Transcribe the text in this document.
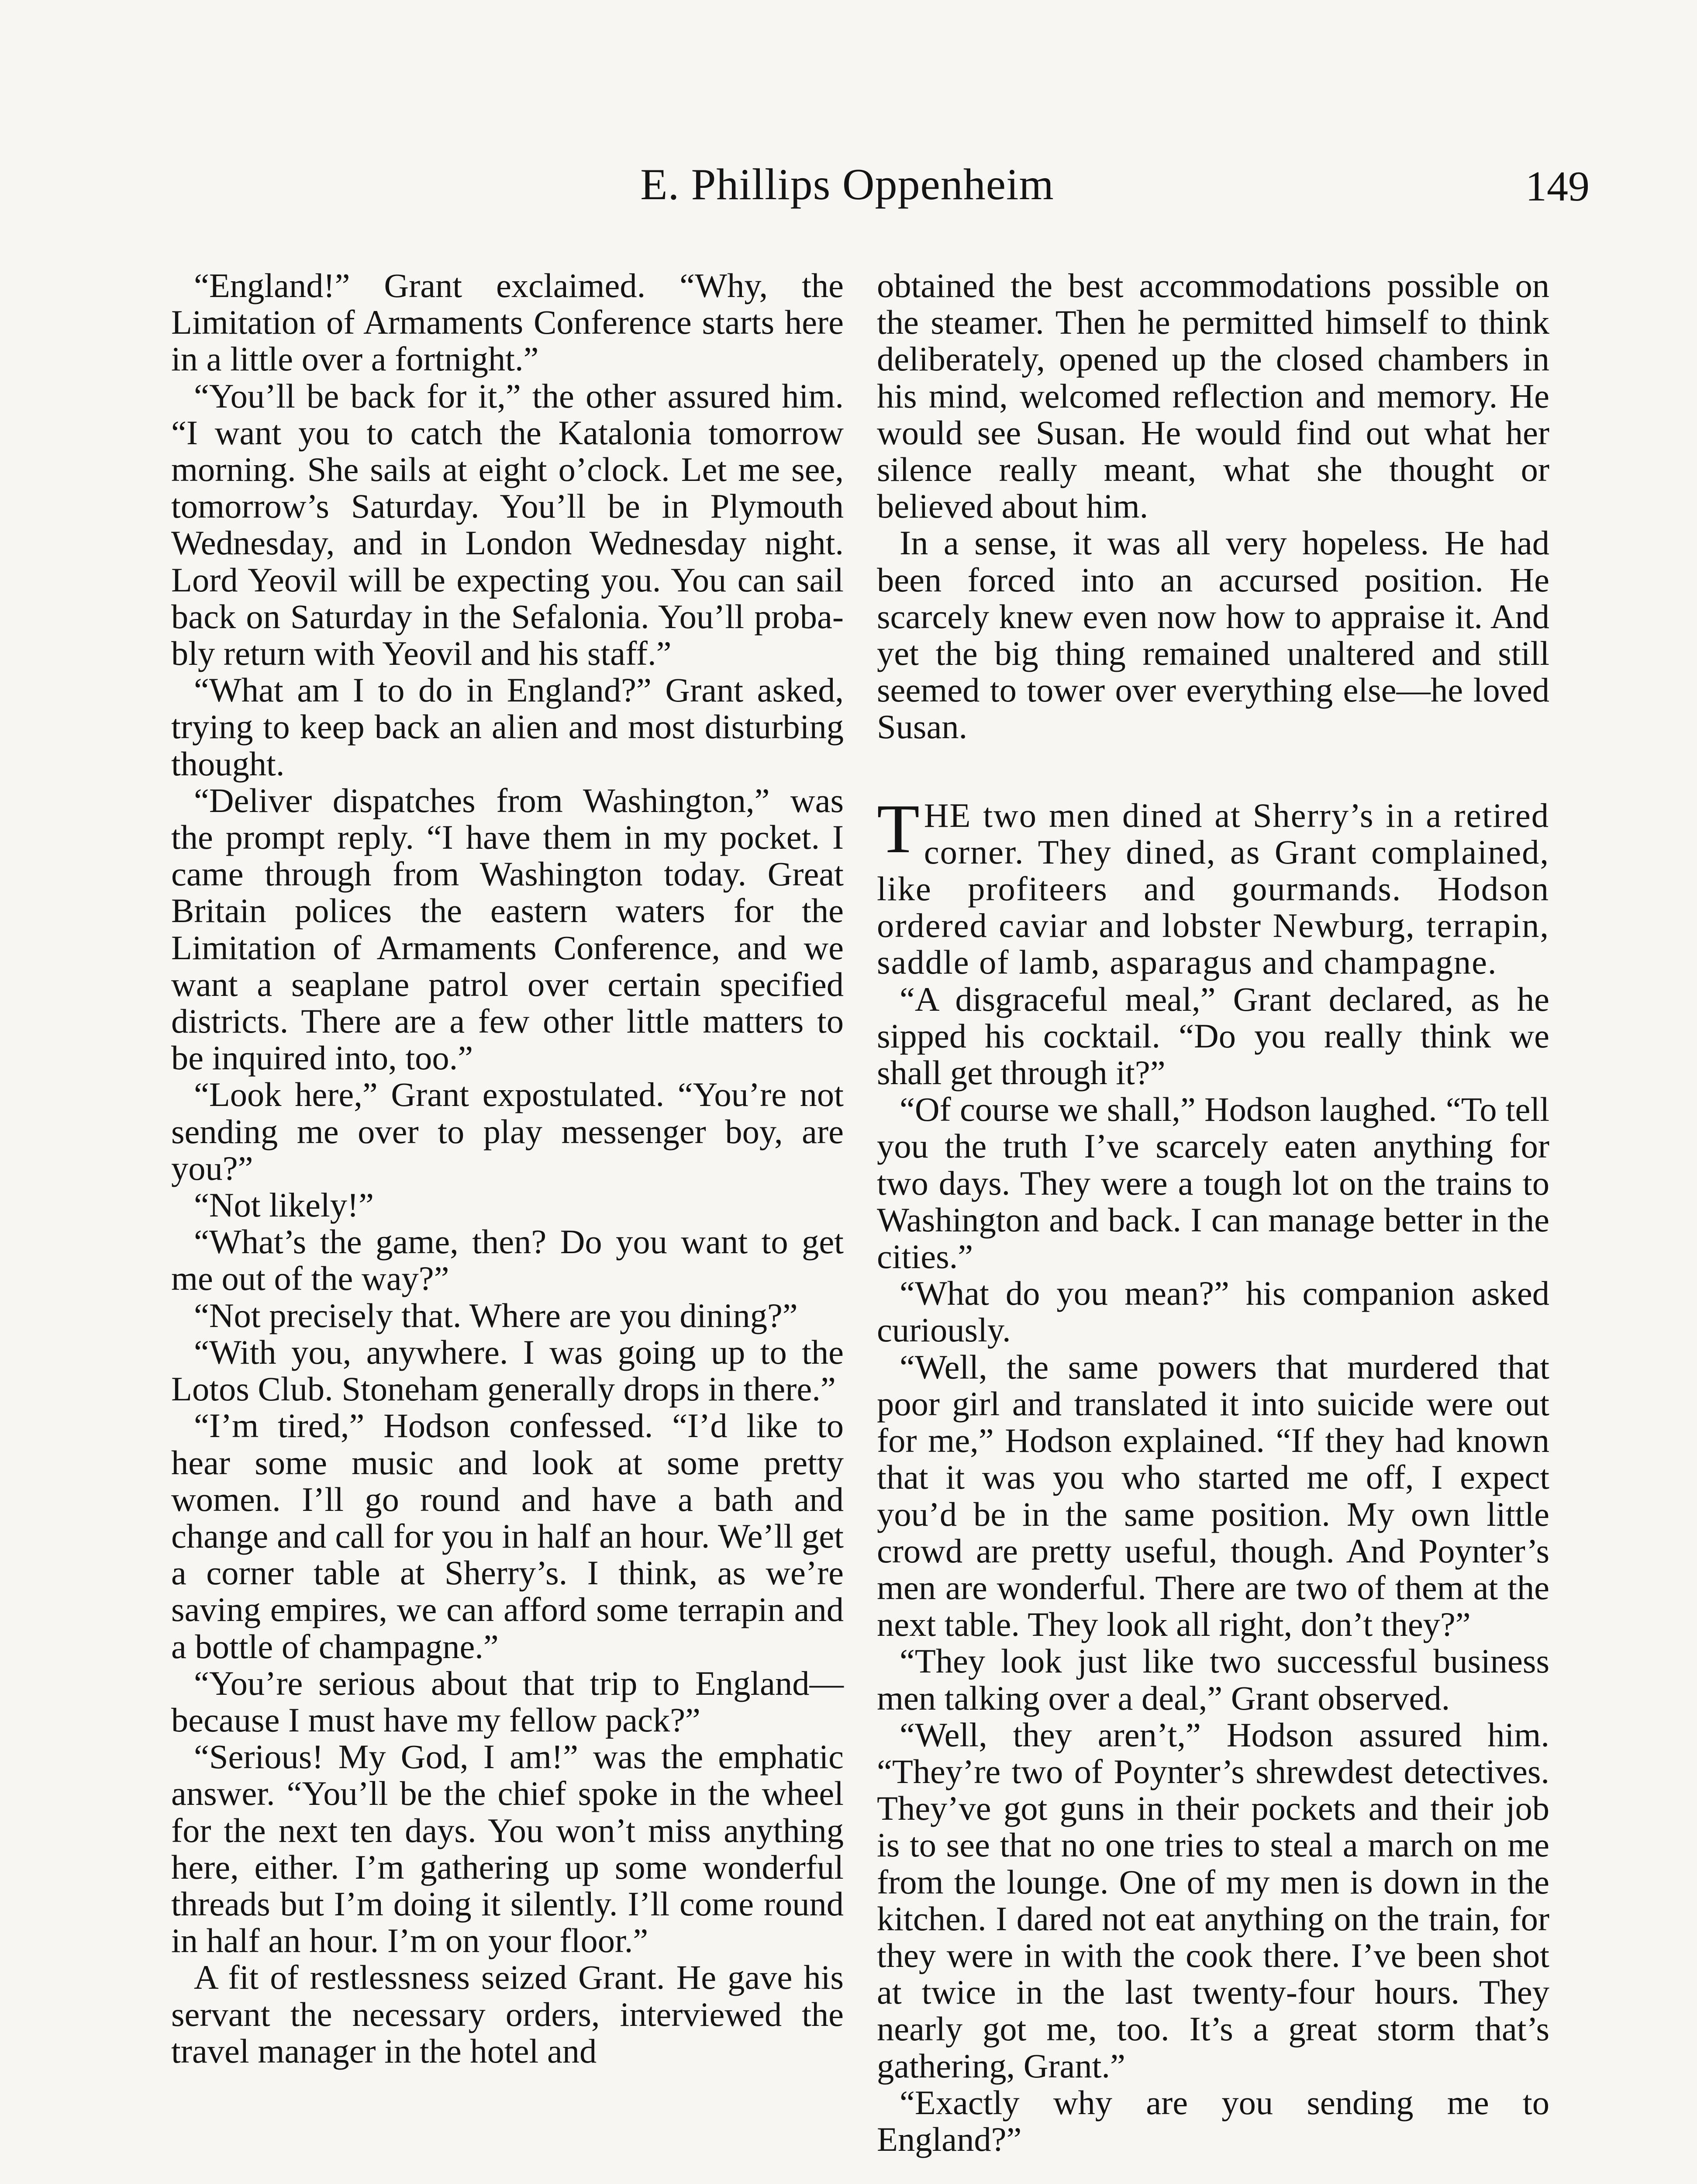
E. Phillips Oppenheim	149

“England!” Grant exclaimed. “Why, the Limitation of Armaments Conference starts here in a little over a fortnight.”

“You’ll be back for it,” the other assured him. “I want you to catch the Katalonia tomorrow morning. She sails at eight o’clock. Let me see, tomorrow’s Saturday. You’ll be in Plymouth Wednesday, and in London Wednesday night. Lord Yeovil will be expecting you. You can sail back on Saturday in the Sefalonia. You’ll probably return with Yeovil and his staff.”

“What am I to do in England?” Grant asked, trying to keep back an alien and most disturbing thought.

“Deliver dispatches from Washington,” was the prompt reply. “I have them in my pocket. I came through from Washington today. Great Britain polices the eastern waters for the Limitation of Armaments Conference, and we want a seaplane patrol over certain specified districts. There are a few other little matters to be inquired into, too.”

“Look here,” Grant expostulated. “You’re not sending me over to play messenger boy, are you?”

“Not likely!”

“What’s the game, then? Do you want to get me out of the way?”

“Not precisely that. Where are you dining?”

“With you, anywhere. I was going up to the Lotos Club. Stoneham generally drops in there.”

“I’m tired,” Hodson confessed. “I’d like to hear some music and look at some pretty women. I’ll go round and have a bath and change and call for you in half an hour. We’ll get a corner table at Sherry’s. I think, as we’re saving empires, we can afford some terrapin and a bottle of champagne.”

“You’re serious about that trip to England—because I must have my fellow pack?”

“Serious! My God, I am!” was the emphatic answer. “You’ll be the chief spoke in the wheel for the next ten days. You won’t miss anything here, either. I’m gathering up some wonderful threads but I’m doing it silently. I’ll come round in half an hour. I’m on your floor.”

A fit of restlessness seized Grant. He gave his servant the necessary orders, interviewed the travel manager in the hotel and

obtained the best accommodations possible on the steamer. Then he permitted himself to think deliberately, opened up the closed chambers in his mind, welcomed reflection and memory. He would see Susan. He would find out what her silence really meant, what she thought or believed about him.

In a sense, it was all very hopeless. He had been forced into an accursed position. He scarcely knew even now how to appraise it. And yet the big thing remained unaltered and still seemed to tower over everything else—he loved Susan.

THE two men dined at Sherry’s in a retired corner. They dined, as Grant complained, like profiteers and gourmands. Hodson ordered caviar and lobster Newburg, terrapin, saddle of lamb, asparagus and champagne.

“A disgraceful meal,” Grant declared, as he sipped his cocktail. “Do you really think we shall get through it?”

“Of course we shall,” Hodson laughed. “To tell you the truth I’ve scarcely eaten anything for two days. They were a tough lot on the trains to Washington and back. I can manage better in the cities.”

“What do you mean?” his companion asked curiously.

“Well, the same powers that murdered that poor girl and translated it into suicide were out for me,” Hodson explained. “If they had known that it was you who started me off, I expect you’d be in the same position. My own little crowd are pretty useful, though. And Poynter’s men are wonderful. There are two of them at the next table. They look all right, don’t they?”

“They look just like two successful business men talking over a deal,” Grant observed.

“Well, they aren’t,” Hodson assured him. “They’re two of Poynter’s shrewdest detectives. They’ve got guns in their pockets and their job is to see that no one tries to steal a march on me from the lounge. One of my men is down in the kitchen. I dared not eat anything on the train, for they were in with the cook there. I’ve been shot at twice in the last twenty-four hours. They nearly got me, too. It’s a great storm that’s gathering, Grant.”

“Exactly why are you sending me to England?”
